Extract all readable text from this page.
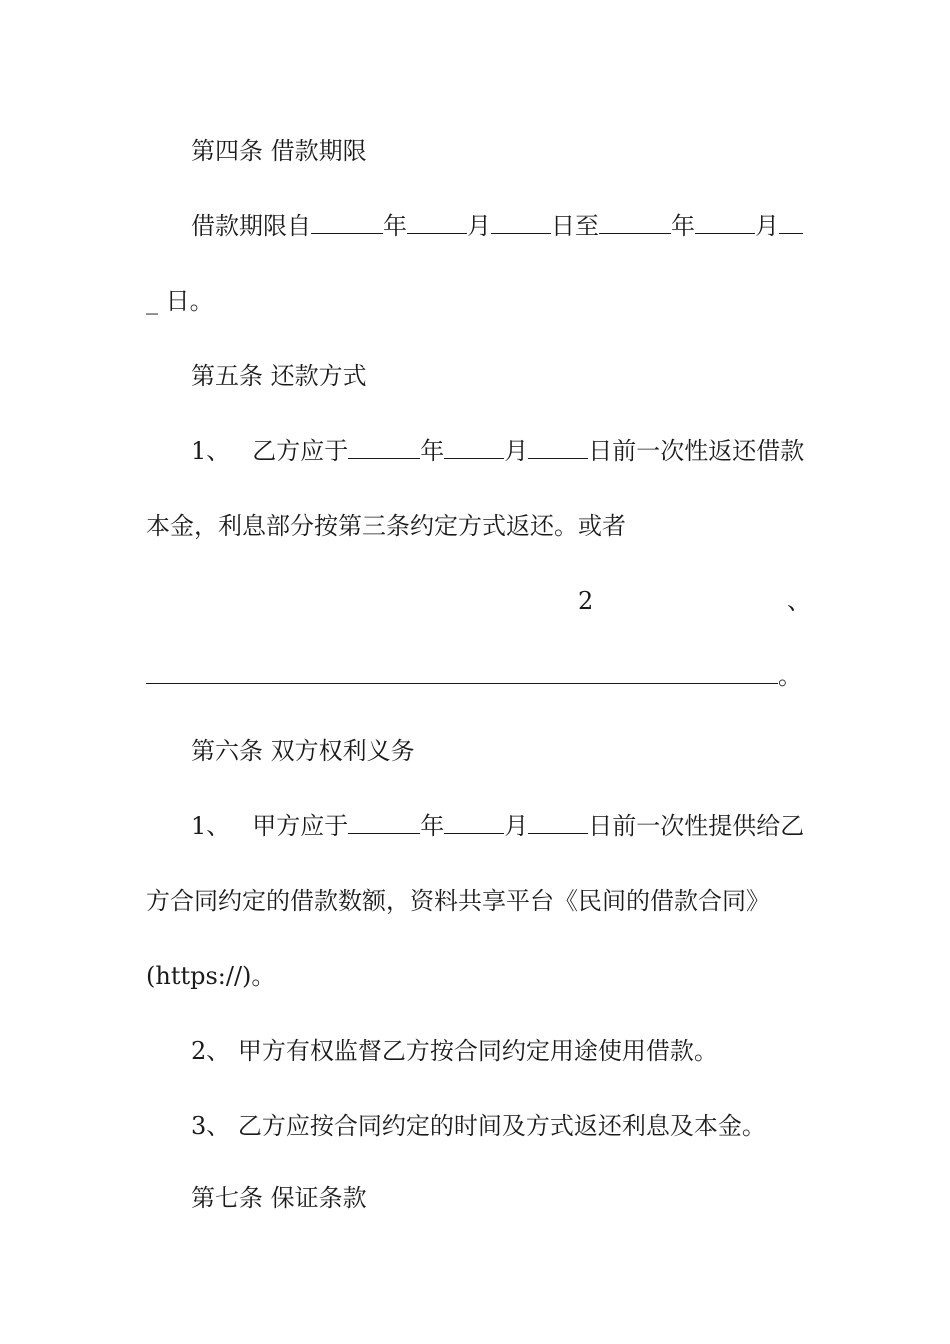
第四条 借款期限
借款期限自	年	月	日至	年	月
_ 日。
第五条 还款方式
1、 乙方应于	年	月	日前一次性返还借款
本金，利息部分按第三条约定方式返还。或者
2	、
。
第六条 双方权利义务
1、 甲方应于	年	月	日前一次性提供给乙
方合同约定的借款数额，资料共享平台《民间的借款合同》
(https://)。
2、 甲方有权监督乙方按合同约定用途使用借款。
3、 乙方应按合同约定的时间及方式返还利息及本金。
第七条 保证条款
